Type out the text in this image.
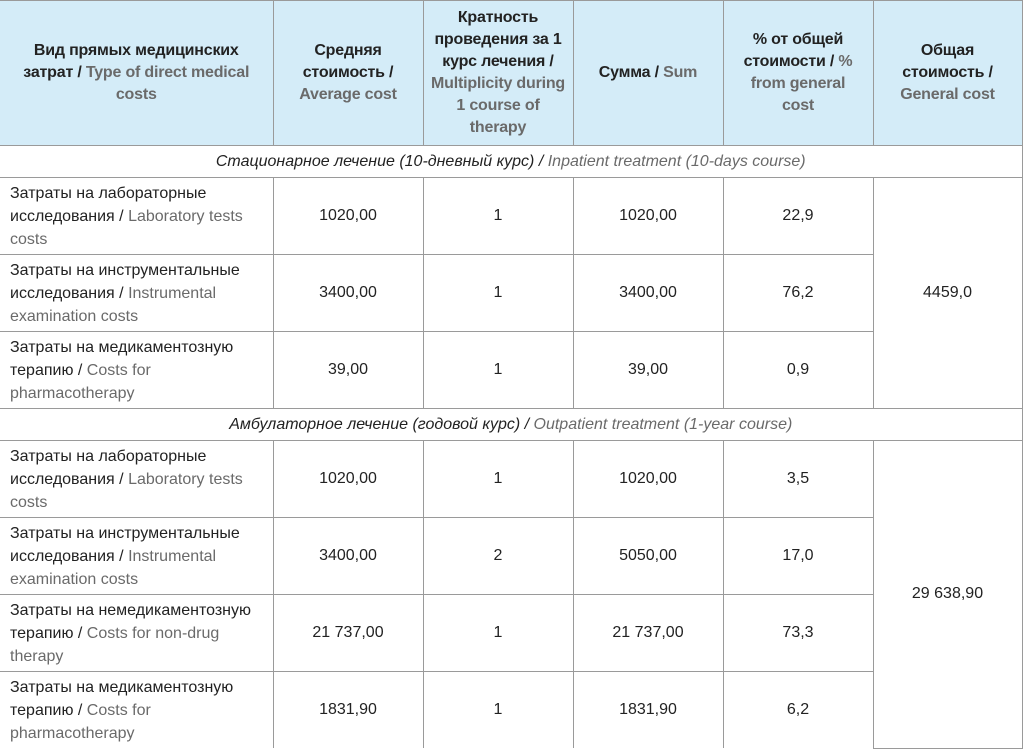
Вид прямых медицинских затрат / Type of direct medical costs	Средняя стоимость / Average cost	Кратность проведения за 1 курс лечения / Multiplicity during 1 course of therapy	Сумма / Sum	% от общей стоимости / % from general cost	Общая стоимость / General cost
Стационарное лечение (10-дневный курс) / Inpatient treatment (10-days course)					
Затраты на лабораторные исследования / Laboratory tests costs	1020,00	1	1020,00	22,9	4459,0
Затраты на инструментальные исследования / Instrumental examination costs	3400,00	1	3400,00	76,2	
Затраты на медикаментозную терапию / Costs for pharmacotherapy	39,00	1	39,00	0,9	
Амбулаторное лечение (годовой курс) / Outpatient treatment (1-year course)					
Затраты на лабораторные исследования / Laboratory tests costs	1020,00	1	1020,00	3,5	29 638,90
Затраты на инструментальные исследования / Instrumental examination costs	3400,00	2	5050,00	17,0	
Затраты на немедикаментозную терапию / Costs for non-drug therapy	21 737,00	1	21 737,00	73,3	
Затраты на медикаментозную терапию / Costs for pharmacotherapy	1831,90	1	1831,90	6,2	
